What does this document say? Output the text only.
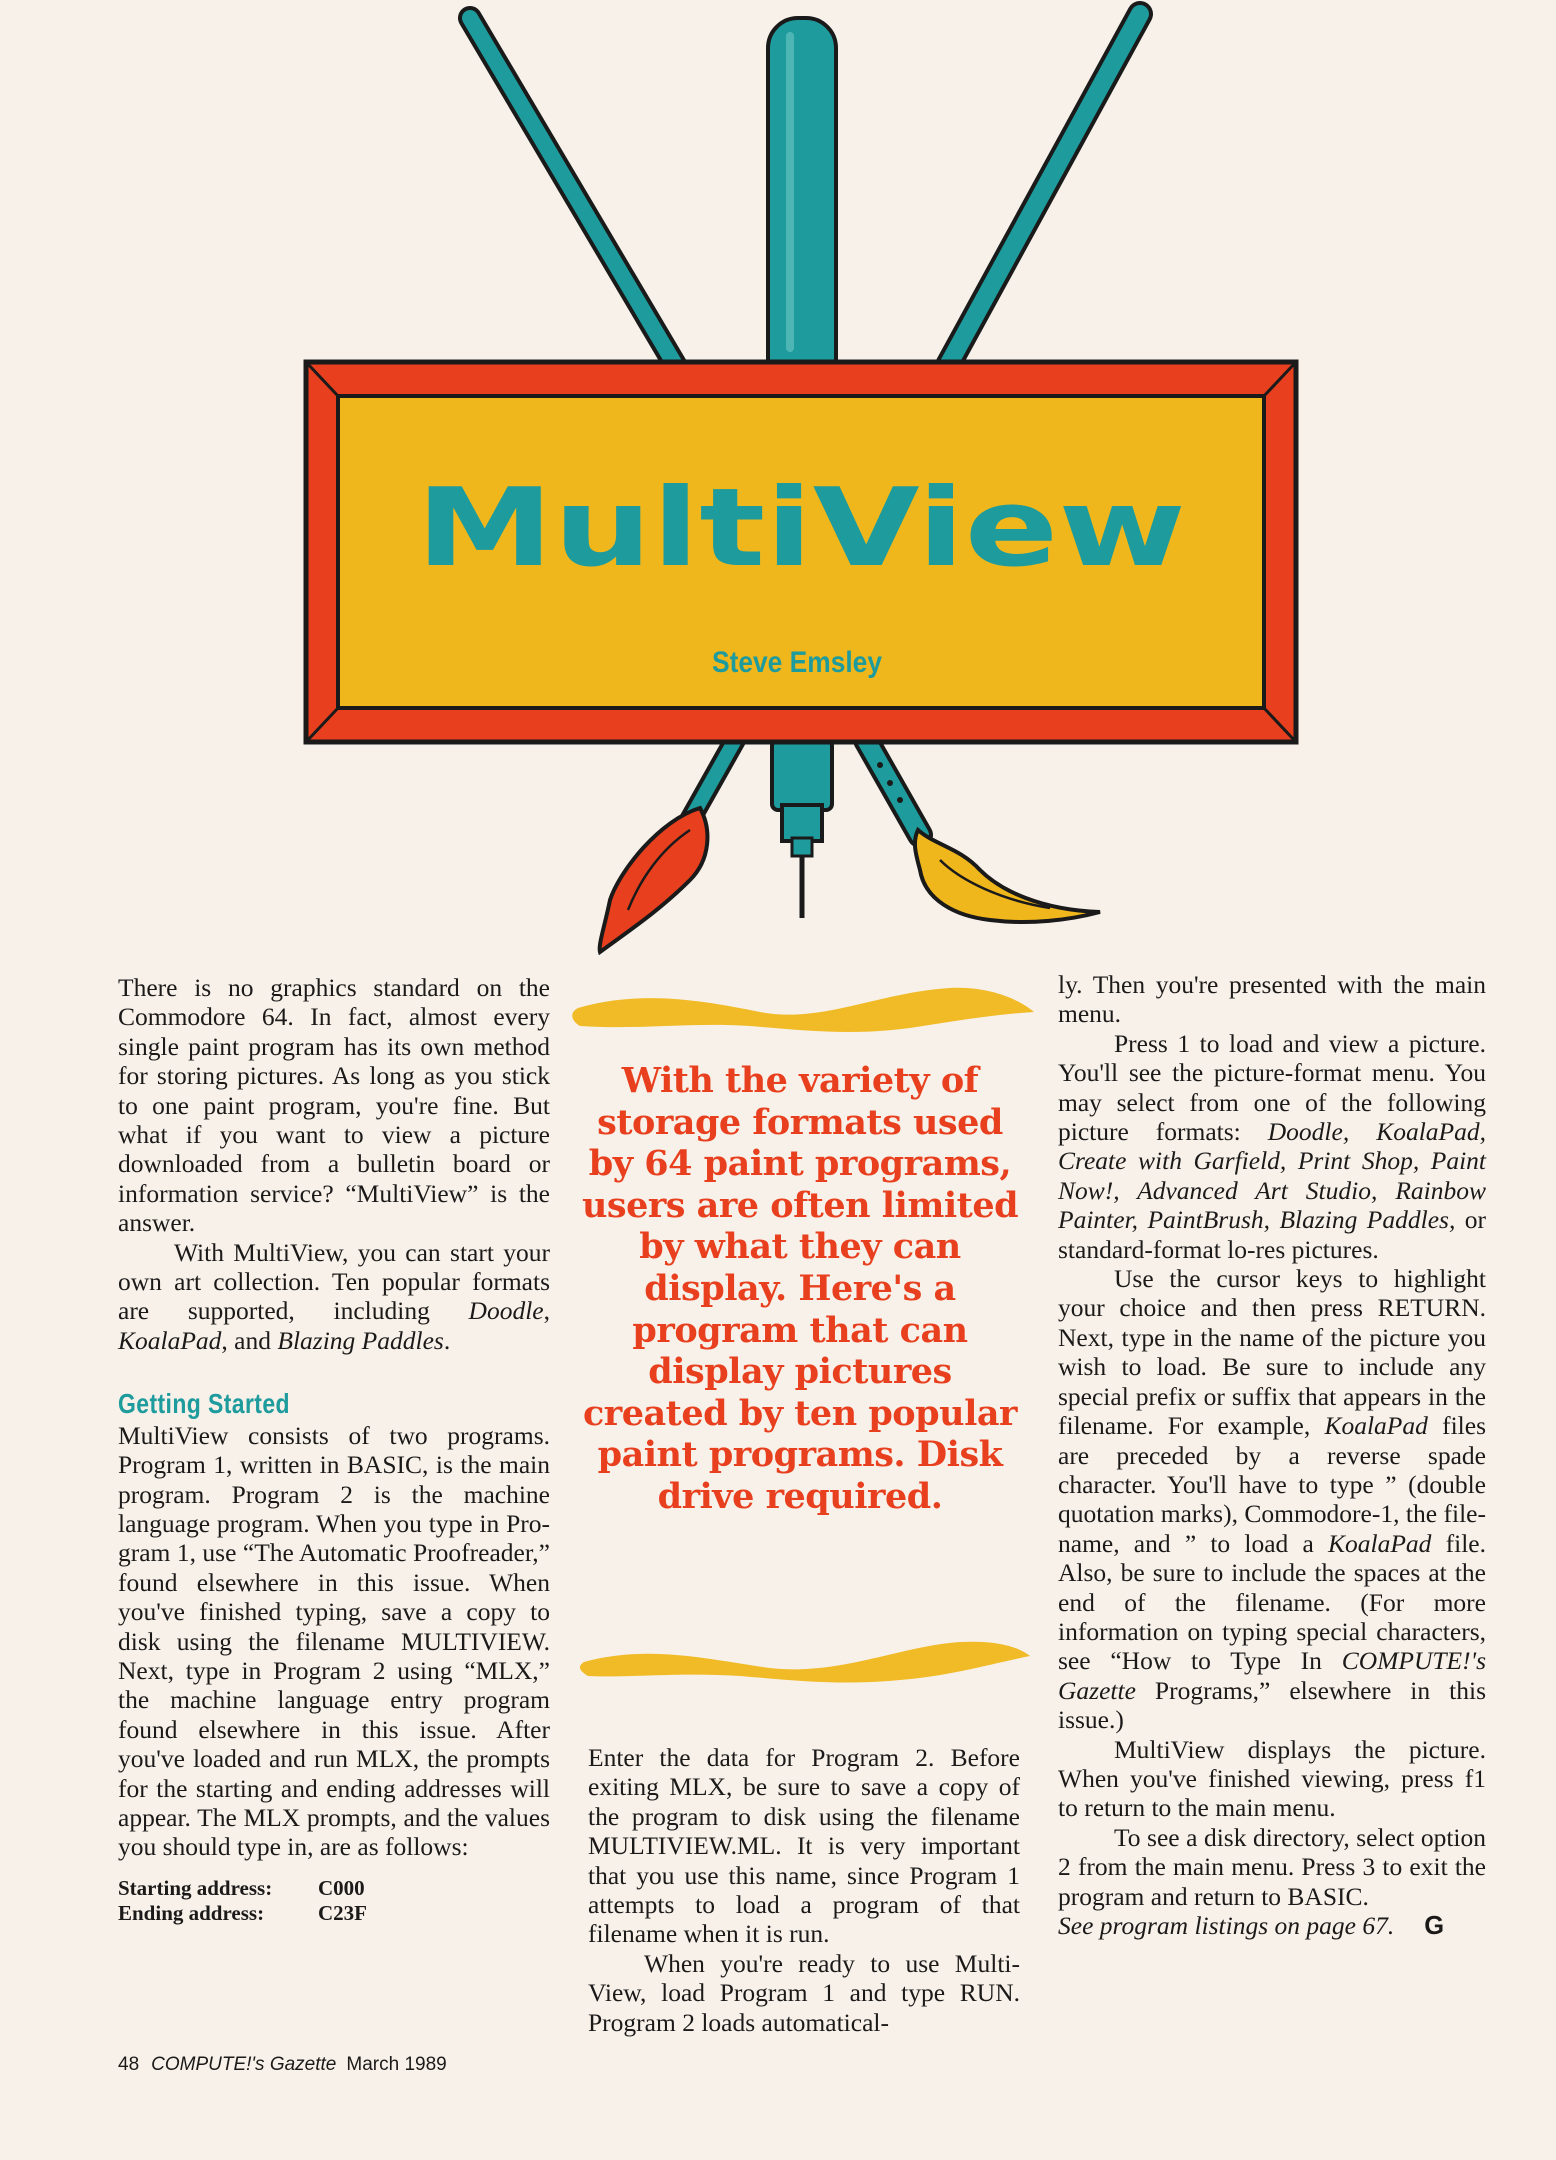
MultiView
Steve Emsley

There is no graphics standard on the Commodore 64. In fact, almost every single paint program has its own method for storing pictures. As long as you stick to one paint program, you're fine. But what if you want to view a picture downloaded from a bulletin board or information service? “MultiView” is the answer.

With MultiView, you can start your own art collection. Ten popular formats are supported, including Doodle, KoalaPad, and Blazing Paddles.

Getting Started

MultiView consists of two programs. Program 1, written in BASIC, is the main program. Program 2 is the machine language program. When you type in Program 1, use “The Automatic Proofreader,” found elsewhere in this issue. When you've finished typing, save a copy to disk using the filename MULTIVIEW. Next, type in Program 2 using “MLX,” the machine language entry program found elsewhere in this issue. After you've loaded and run MLX, the prompts for the starting and ending addresses will appear. The MLX prompts, and the values you should type in, are as follows:

Starting address: C000
Ending address:	C23F
With the variety of storage formats used by 64 paint programs, users are often limited by what they can display. Here's a program that can display pictures created by ten popular paint programs. Disk drive required.

Enter the data for Program 2. Before exiting MLX, be sure to save a copy of the program to disk using the filename MULTIVIEW.ML. It is very important that you use this name, since Program 1 attempts to load a program of that filename when it is run.

When you're ready to use MultiView, load Program 1 and type RUN. Program 2 loads automatical-

ly. Then you're presented with the main menu.

Press 1 to load and view a picture. You'll see the picture-format menu. You may select from one of the following picture formats: Doodle, KoalaPad, Create with Garfield, Print Shop, Paint Now!, Advanced Art Studio, Rainbow Painter, PaintBrush, Blazing Paddles, or standard-format lo-res pictures.

Use the cursor keys to highlight your choice and then press RETURN. Next, type in the name of the picture you wish to load. Be sure to include any special prefix or suffix that appears in the filename. For example, KoalaPad files are preceded by a reverse spade character. You'll have to type ” (double quotation marks), Commodore-1, the filename, and ” to load a KoalaPad file. Also, be sure to include the spaces at the end of the filename. (For more information on typing special characters, see “How to Type In COMPUTE!'s Gazette Programs,” elsewhere in this issue.)

MultiView displays the picture. When you've finished viewing, press f1 to return to the main menu.

To see a disk directory, select option 2 from the main menu. Press 3 to exit the program and return to BASIC.

See program listings on page 67. G

48 COMPUTE!'s Gazette March 1989
